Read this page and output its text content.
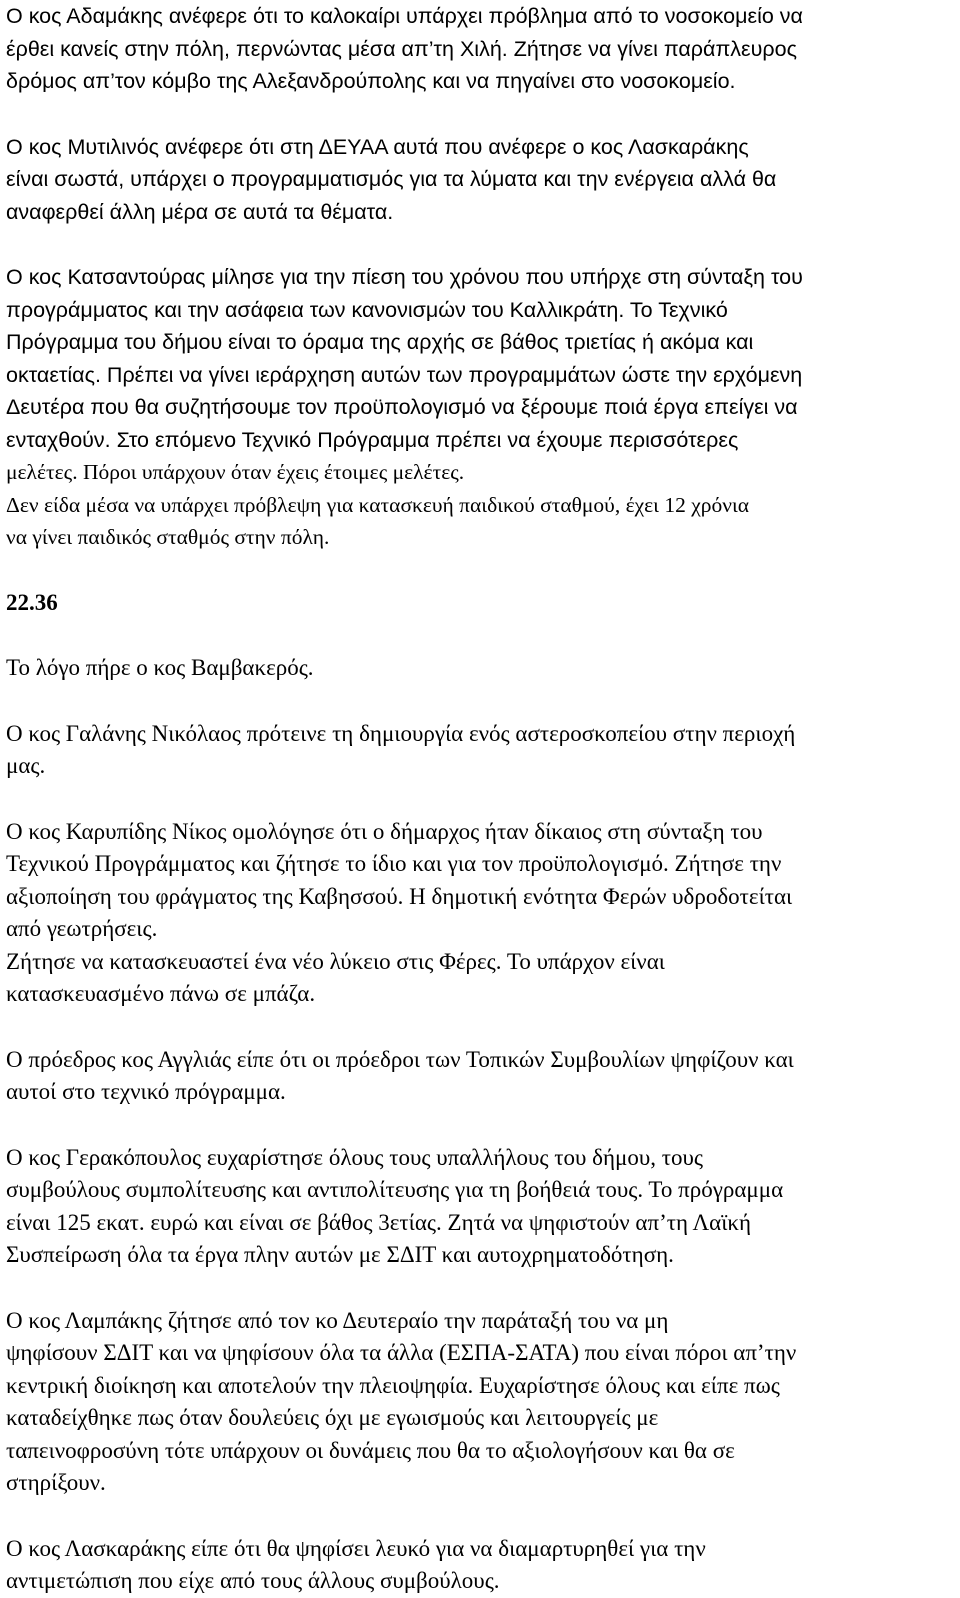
Ο κος Αδαμάκης ανέφερε ότι το καλοκαίρι υπάρχει πρόβλημα από το νοσοκομείο να
έρθει κανείς στην πόλη, περνώντας μέσα απ’τη Χιλή. Ζήτησε να γίνει παράπλευρος
δρόμος απ’τον κόμβο της Αλεξανδρούπολης και να πηγαίνει στο νοσοκομείο.

Ο κος Μυτιλινός ανέφερε ότι στη ΔΕΥΑΑ αυτά που ανέφερε ο κος Λασκαράκης
είναι σωστά, υπάρχει ο προγραμματισμός για τα λύματα και την ενέργεια αλλά θα
αναφερθεί άλλη μέρα σε αυτά τα θέματα.

Ο κος Κατσαντούρας μίλησε για την πίεση του χρόνου που υπήρχε στη σύνταξη του
προγράμματος και την ασάφεια των κανονισμών του Καλλικράτη. Το Τεχνικό
Πρόγραμμα του δήμου είναι το όραμα της αρχής σε βάθος τριετίας ή ακόμα και
οκταετίας. Πρέπει να γίνει ιεράρχηση αυτών των προγραμμάτων ώστε την ερχόμενη
Δευτέρα που θα συζητήσουμε τον προϋπολογισμό να ξέρουμε ποιά έργα επείγει να
ενταχθούν. Στο επόμενο Τεχνικό Πρόγραμμα πρέπει να έχουμε περισσότερες
μελέτες. Πόροι υπάρχουν όταν έχεις έτοιμες μελέτες.
Δεν είδα μέσα να υπάρχει πρόβλεψη για κατασκευή παιδικού σταθμού, έχει 12 χρόνια
να γίνει παιδικός σταθμός στην πόλη.

22.36

Το λόγο πήρε ο κος Βαμβακερός.

Ο κος Γαλάνης Νικόλαος πρότεινε τη δημιουργία ενός αστεροσκοπείου στην περιοχή
μας.

Ο κος Καρυπίδης Νίκος ομολόγησε ότι ο δήμαρχος ήταν δίκαιος στη σύνταξη του
Τεχνικού Προγράμματος και ζήτησε το ίδιο και για τον προϋπολογισμό. Ζήτησε την
αξιοποίηση του φράγματος της Καβησσού. Η δημοτική ενότητα Φερών υδροδοτείται
από γεωτρήσεις.
Ζήτησε να κατασκευαστεί ένα νέο λύκειο στις Φέρες. Το υπάρχον είναι
κατασκευασμένο πάνω σε μπάζα.

Ο πρόεδρος κος Αγγλιάς είπε ότι οι πρόεδροι των Τοπικών Συμβουλίων ψηφίζουν και
αυτοί στο τεχνικό πρόγραμμα.

Ο κος Γερακόπουλος ευχαρίστησε όλους τους υπαλλήλους του δήμου, τους
συμβούλους συμπολίτευσης και αντιπολίτευσης για τη βοήθειά τους. Το πρόγραμμα
είναι 125 εκατ. ευρώ και είναι σε βάθος 3ετίας. Ζητά να ψηφιστούν απ’τη Λαϊκή
Συσπείρωση όλα τα έργα πλην αυτών με ΣΔΙΤ και αυτοχρηματοδότηση.

Ο κος Λαμπάκης ζήτησε από τον κο Δευτεραίο την παράταξή του να μη
ψηφίσουν ΣΔΙΤ και να ψηφίσουν όλα τα άλλα (ΕΣΠΑ-ΣΑΤΑ) που είναι πόροι απ’την
κεντρική διοίκηση και αποτελούν την πλειοψηφία. Ευχαρίστησε όλους και είπε πως
καταδείχθηκε πως όταν δουλεύεις όχι με εγωισμούς και λειτουργείς με
ταπεινοφροσύνη τότε υπάρχουν οι δυνάμεις που θα το αξιολογήσουν και θα σε
στηρίξουν.

Ο κος Λασκαράκης είπε ότι θα ψηφίσει λευκό για να διαμαρτυρηθεί για την
αντιμετώπιση που είχε από τους άλλους συμβούλους.
